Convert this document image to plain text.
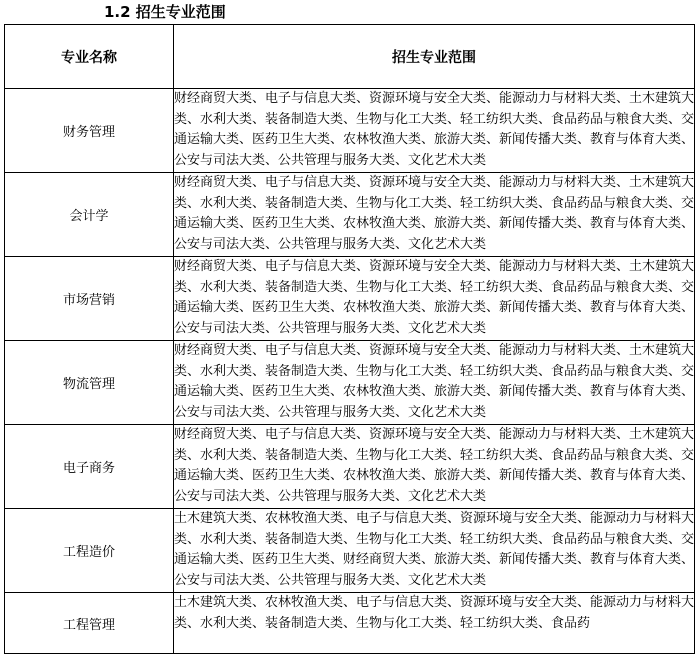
1.2 招生专业范围
专业名称	招生专业范围
财务管理	财经商贸大类、电子与信息大类、资源环境与安全大类、能源动力与材料大类、土木建筑大类、水利大类、装备制造大类、生物与化工大类、轻工纺织大类、食品药品与粮食大类、交通运输大类、医药卫生大类、农林牧渔大类、旅游大类、新闻传播大类、教育与体育大类、公安与司法大类、公共管理与服务大类、文化艺术大类
会计学	财经商贸大类、电子与信息大类、资源环境与安全大类、能源动力与材料大类、土木建筑大类、水利大类、装备制造大类、生物与化工大类、轻工纺织大类、食品药品与粮食大类、交通运输大类、医药卫生大类、农林牧渔大类、旅游大类、新闻传播大类、教育与体育大类、公安与司法大类、公共管理与服务大类、文化艺术大类
市场营销	财经商贸大类、电子与信息大类、资源环境与安全大类、能源动力与材料大类、土木建筑大类、水利大类、装备制造大类、生物与化工大类、轻工纺织大类、食品药品与粮食大类、交通运输大类、医药卫生大类、农林牧渔大类、旅游大类、新闻传播大类、教育与体育大类、公安与司法大类、公共管理与服务大类、文化艺术大类
物流管理	财经商贸大类、电子与信息大类、资源环境与安全大类、能源动力与材料大类、土木建筑大类、水利大类、装备制造大类、生物与化工大类、轻工纺织大类、食品药品与粮食大类、交通运输大类、医药卫生大类、农林牧渔大类、旅游大类、新闻传播大类、教育与体育大类、公安与司法大类、公共管理与服务大类、文化艺术大类
电子商务	财经商贸大类、电子与信息大类、资源环境与安全大类、能源动力与材料大类、土木建筑大类、水利大类、装备制造大类、生物与化工大类、轻工纺织大类、食品药品与粮食大类、交通运输大类、医药卫生大类、农林牧渔大类、旅游大类、新闻传播大类、教育与体育大类、公安与司法大类、公共管理与服务大类、文化艺术大类
工程造价	土木建筑大类、农林牧渔大类、电子与信息大类、资源环境与安全大类、能源动力与材料大类、水利大类、装备制造大类、生物与化工大类、轻工纺织大类、食品药品与粮食大类、交通运输大类、医药卫生大类、财经商贸大类、旅游大类、新闻传播大类、教育与体育大类、公安与司法大类、公共管理与服务大类、文化艺术大类
工程管理	土木建筑大类、农林牧渔大类、电子与信息大类、资源环境与安全大类、能源动力与材料大类、水利大类、装备制造大类、生物与化工大类、轻工纺织大类、食品药
